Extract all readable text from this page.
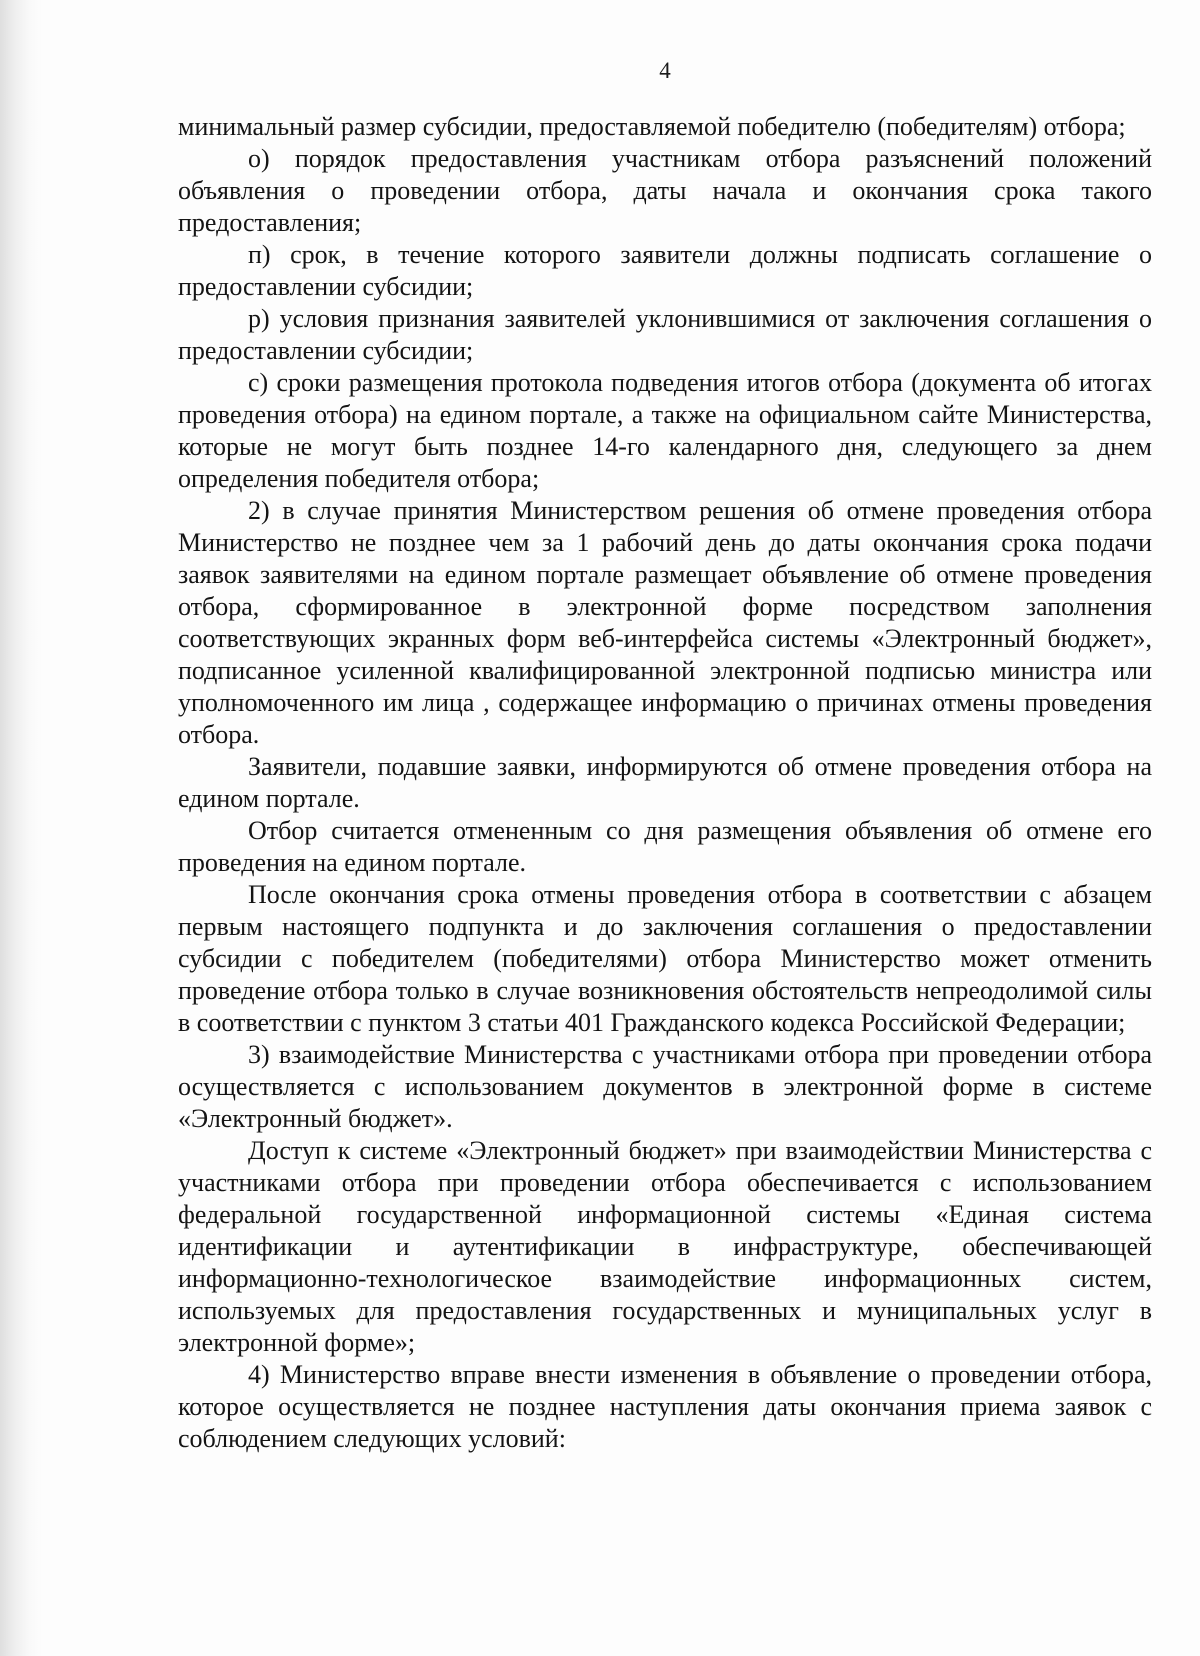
4

минимальный размер субсидии, предоставляемой победителю (победителям) отбора;

о) порядок предоставления участникам отбора разъяснений положений объявления о проведении отбора, даты начала и окончания срока такого предоставления;

п) срок, в течение которого заявители должны подписать соглашение о предоставлении субсидии;

р) условия признания заявителей уклонившимися от заключения соглашения о предоставлении субсидии;

с) сроки размещения протокола подведения итогов отбора (документа об итогах проведения отбора) на едином портале, а также на официальном сайте Министерства, которые не могут быть позднее 14-го календарного дня, следующего за днем определения победителя отбора;

2) в случае принятия Министерством решения об отмене проведения отбора Министерство не позднее чем за 1 рабочий день до даты окончания срока подачи заявок заявителями на едином портале размещает объявление об отмене проведения отбора, сформированное в электронной форме посредством заполнения соответствующих экранных форм веб-интерфейса системы «Электронный бюджет», подписанное усиленной квалифицированной электронной подписью министра или уполномоченного им лица , содержащее информацию о причинах отмены проведения отбора.

Заявители, подавшие заявки, информируются об отмене проведения отбора на едином портале.

Отбор считается отмененным со дня размещения объявления об отмене его проведения на едином портале.

После окончания срока отмены проведения отбора в соответствии с абзацем первым настоящего подпункта и до заключения соглашения о предоставлении субсидии с победителем (победителями) отбора Министерство может отменить проведение отбора только в случае возникновения обстоятельств непреодолимой силы в соответствии с пунктом 3 статьи 401 Гражданского кодекса Российской Федерации;

3) взаимодействие Министерства с участниками отбора при проведении отбора осуществляется с использованием документов в электронной форме в системе «Электронный бюджет».

Доступ к системе «Электронный бюджет» при взаимодействии Министерства с участниками отбора при проведении отбора обеспечивается с использованием федеральной государственной информационной системы «Единая система идентификации и аутентификации в инфраструктуре, обеспечивающей информационно-технологическое взаимодействие информационных систем, используемых для предоставления государственных и муниципальных услуг в электронной форме»;

4) Министерство вправе внести изменения в объявление о проведении отбора, которое осуществляется не позднее наступления даты окончания приема заявок с соблюдением следующих условий:
